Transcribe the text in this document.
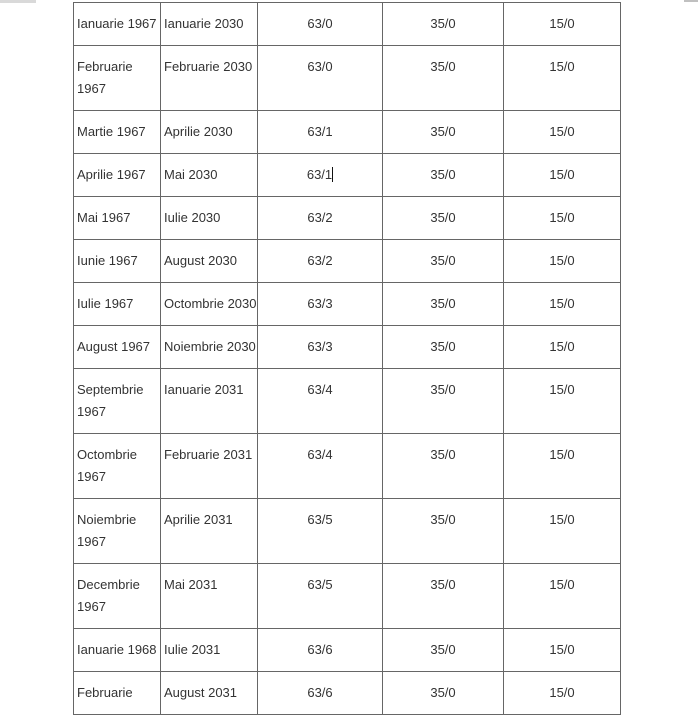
Ianuarie 1967	Ianuarie 2030	63/0	35/0	15/0
Februarie 1967	Februarie 2030	63/0	35/0	15/0
Martie 1967	Aprilie 2030	63/1	35/0	15/0
Aprilie 1967	Mai 2030	63/1	35/0	15/0
Mai 1967	Iulie 2030	63/2	35/0	15/0
Iunie 1967	August 2030	63/2	35/0	15/0
Iulie 1967	Octombrie 2030	63/3	35/0	15/0
August 1967	Noiembrie 2030	63/3	35/0	15/0
Septembrie 1967	Ianuarie 2031	63/4	35/0	15/0
Octombrie 1967	Februarie 2031	63/4	35/0	15/0
Noiembrie 1967	Aprilie 2031	63/5	35/0	15/0
Decembrie 1967	Mai 2031	63/5	35/0	15/0
Ianuarie 1968	Iulie 2031	63/6	35/0	15/0
Februarie	August 2031	63/6	35/0	15/0
